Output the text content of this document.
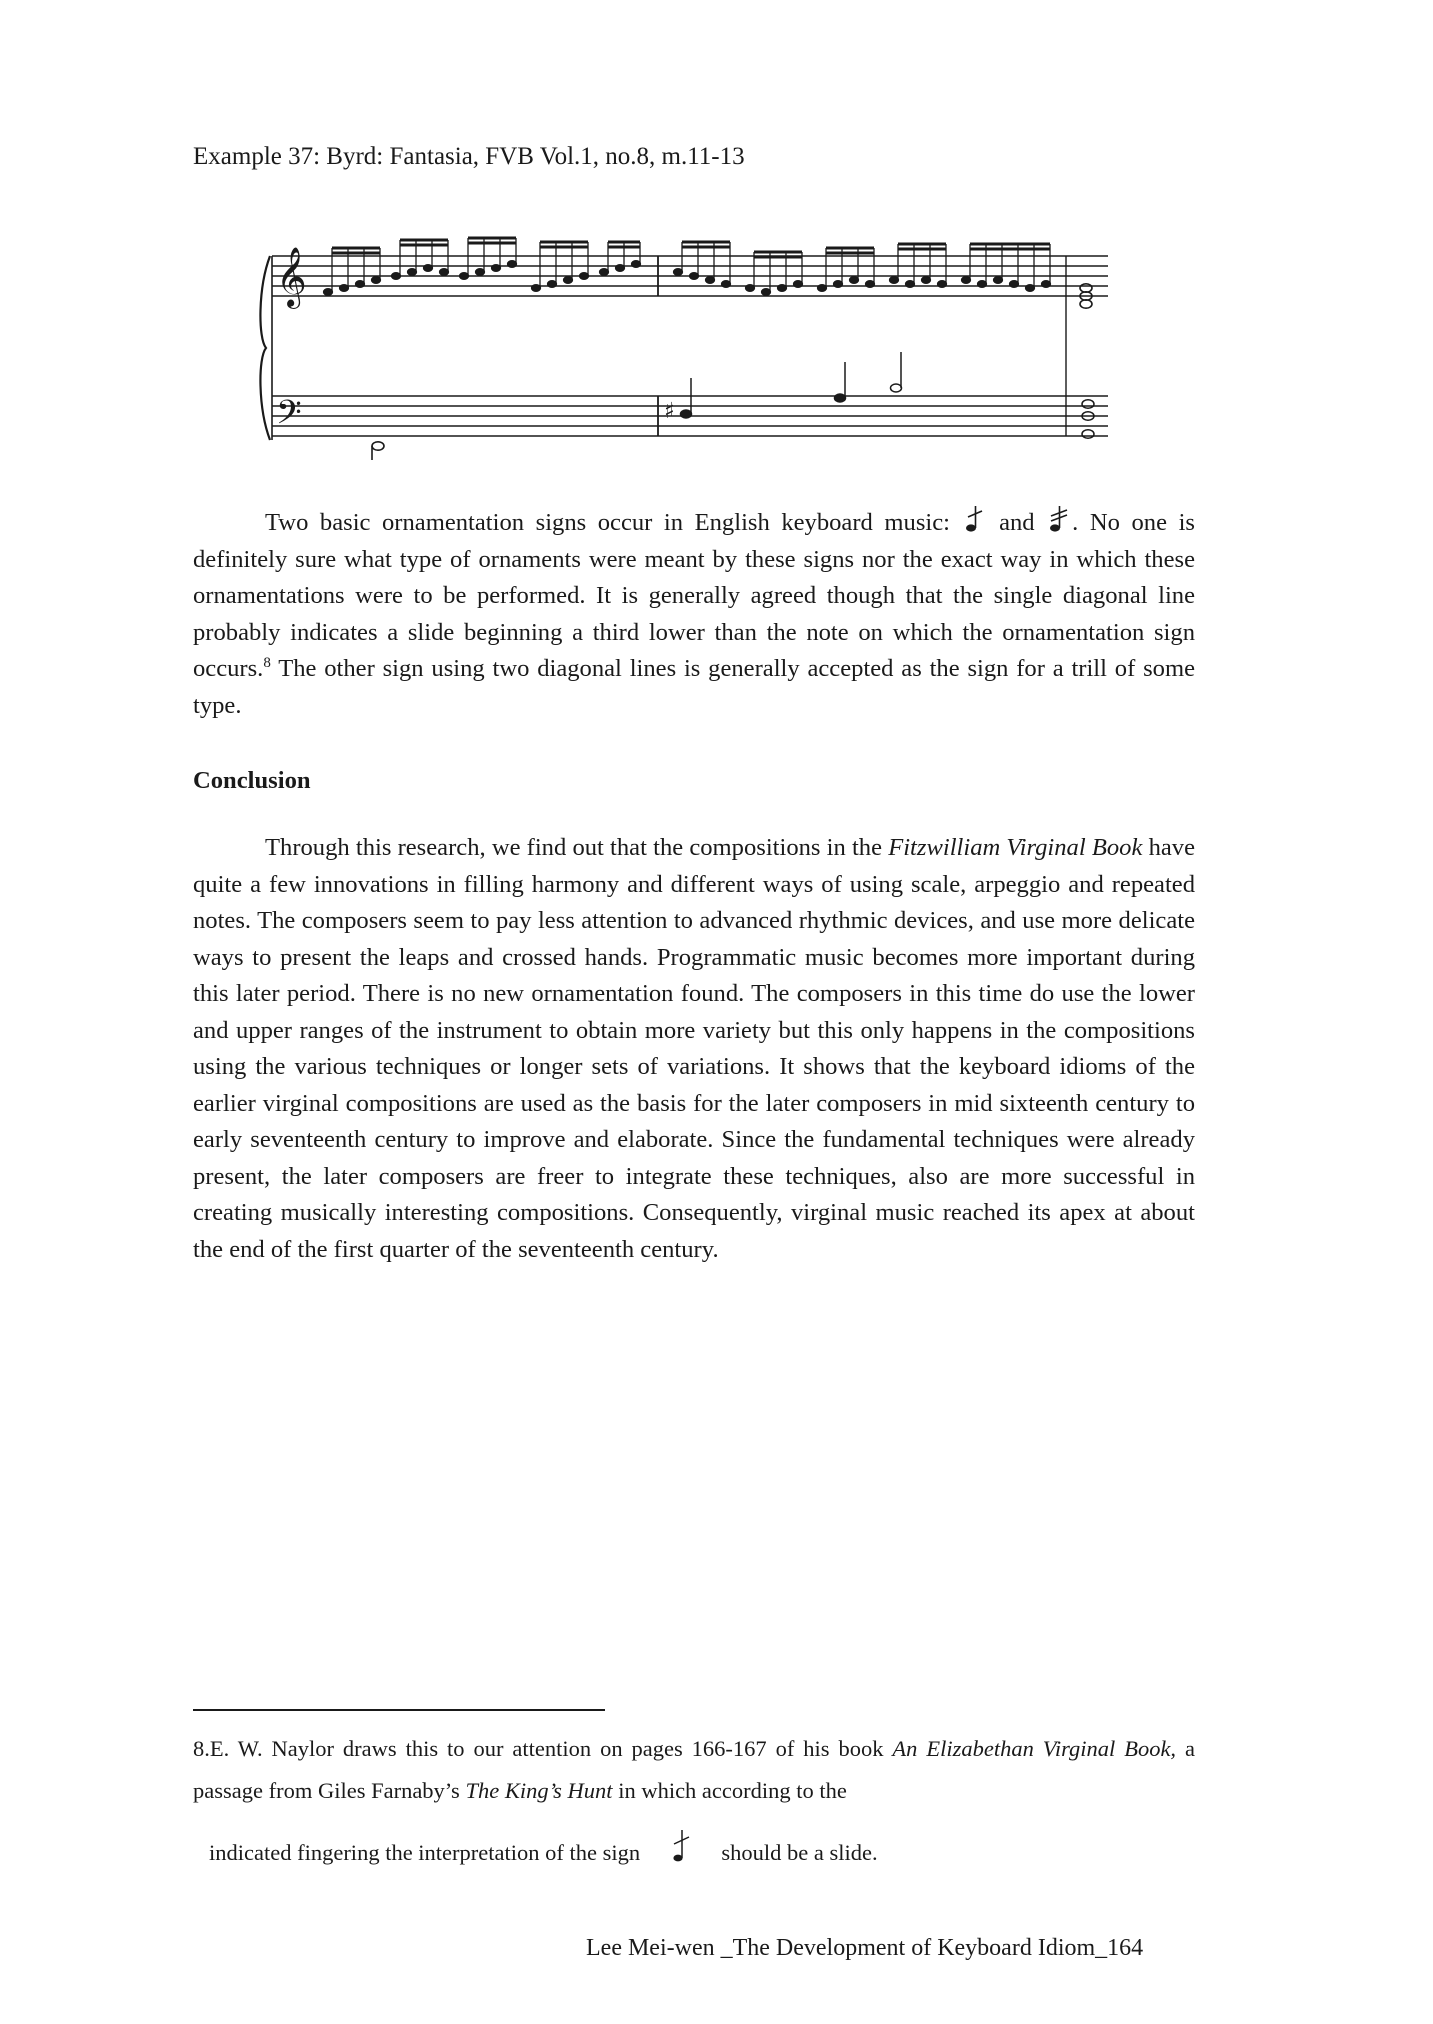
Example 37: Byrd: Fantasia, FVB Vol.1, no.8, m.11-13
𝄞
𝄢	♯

Two basic ornamentation signs occur in English keyboard music: and . No one is definitely sure what type of ornaments were meant by these signs nor the exact way in which these ornamentations were to be performed. It is generally agreed though that the single diagonal line probably indicates a slide beginning a third lower than the note on which the ornamentation sign occurs.$^8$ The other sign using two diagonal lines is generally accepted as the sign for a trill of some type.

Conclusion

Through this research, we find out that the compositions in the Fitzwilliam Virginal Book have quite a few innovations in filling harmony and different ways of using scale, arpeggio and repeated notes. The composers seem to pay less attention to advanced rhythmic devices, and use more delicate ways to present the leaps and crossed hands. Programmatic music becomes more important during this later period. There is no new ornamentation found. The composers in this time do use the lower and upper ranges of the instrument to obtain more variety but this only happens in the compositions using the various techniques or longer sets of variations. It shows that the keyboard idioms of the earlier virginal compositions are used as the basis for the later composers in mid sixteenth century to early seventeenth century to improve and elaborate. Since the fundamental techniques were already present, the later composers are freer to integrate these techniques, also are more successful in creating musically interesting compositions. Consequently, virginal music reached its apex at about the end of the first quarter of the seventeenth century.

8.E. W. Naylor draws this to our attention on pages 166-167 of his book An Elizabethan Virginal Book, a passage from Giles Farnaby’s The King’s Hunt in which according to the
indicated fingering the interpretation of the sign	should be a slide.

Lee Mei-wen _The Development of Keyboard Idiom_164
